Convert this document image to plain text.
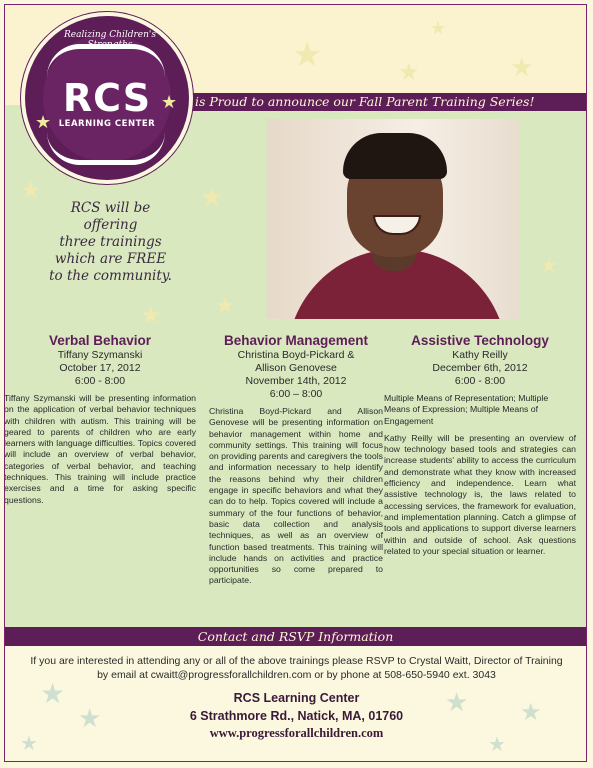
★	★	★
★
★	★
★
★
★
★
★
★
★ ★
★
is Proud to announce our Fall Parent Training Series!
Realizing Children's Strengths
RCS
LEARNING CENTER
★
★
RCS will be
offering
three trainings
which are FREE
to the community.
Verbal Behavior
Tiffany Szymanski
October 17, 2012
6:00 - 8:00

Tiffany Szymanski will be presenting information on the application of verbal behavior techniques with children with autism. This training will be geared to parents of children who are early learners with language difficulties. Topics covered will include an overview of verbal behavior, categories of verbal behavior, and teaching techniques. This training will include practice exercises and a time for asking specific questions.

Behavior Management
Christina Boyd-Pickard &
Allison Genovese
November 14th, 2012
6:00 – 8:00

Christina Boyd-Pickard and Allison Genovese will be presenting information on behavior management within home and community settings. This training will focus on providing parents and caregivers the tools and information necessary to help identify the reasons behind why their children engage in specific behaviors and what they can do to help. Topics covered will include a summary of the four functions of behavior, basic data collection and analysis techniques, as well as an overview of function based treatments. This training will include hands on activities and practice opportunities so come prepared to participate.

Assistive Technology
Kathy Reilly
December 6th, 2012
6:00 - 8:00

Multiple Means of Representation; Multiple Means of Expression; Multiple Means of Engagement

Kathy Reilly will be presenting an overview of how technology based tools and strategies can increase students' ability to access the curriculum and demonstrate what they know with increased efficiency and independence. Learn what assistive technology is, the laws related to accessing services, the framework for evaluation, and implementation planning. Catch a glimpse of tools and applications to support diverse learners within and outside of school. Ask questions related to your special situation or learner.

Contact and RSVP Information
If you are interested in attending any or all of the above trainings please RSVP to Crystal Waitt, Director of Training
by email at cwaitt@progressforallchildren.com or by phone at 508-650-5940 ext. 3043
RCS Learning Center
6 Strathmore Rd., Natick, MA, 01760
www.progressforallchildren.com
